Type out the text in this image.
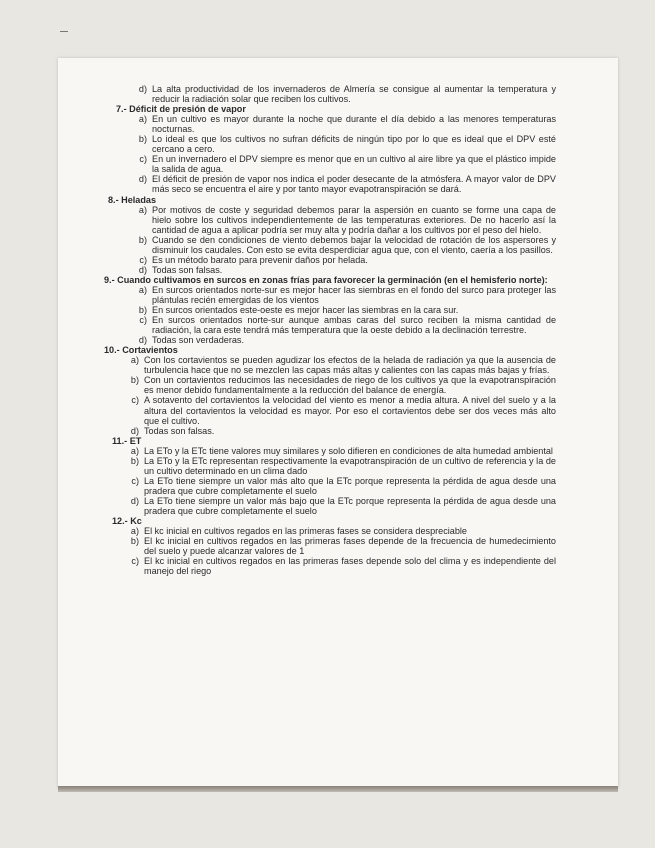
d) La alta productividad de los invernaderos de Almería se consigue al aumentar la temperatura y reducir la radiación solar que reciben los cultivos.
7.- Déficit de presión de vapor
a) En un cultivo es mayor durante la noche que durante el día debido a las menores temperaturas nocturnas.
b) Lo ideal es que los cultivos no sufran déficits de ningún tipo por lo que es ideal que el DPV esté cercano a cero.
c) En un invernadero el DPV siempre es menor que en un cultivo al aire libre ya que el plástico impide la salida de agua.
d) El déficit de presión de vapor nos indica el poder desecante de la atmósfera. A mayor valor de DPV más seco se encuentra el aire y por tanto mayor evapotranspiración se dará.
8.- Heladas
a) Por motivos de coste y seguridad debemos parar la aspersión en cuanto se forme una capa de hielo sobre los cultivos independientemente de las temperaturas exteriores. De no hacerlo así la cantidad de agua a aplicar podría ser muy alta y podría dañar a los cultivos por el peso del hielo.
b) Cuando se den condiciones de viento debemos bajar la velocidad de rotación de los aspersores y disminuir los caudales. Con esto se evita desperdiciar agua que, con el viento, caería a los pasillos.
c) Es un método barato para prevenir daños por helada.
d) Todas son falsas.
9.- Cuando cultivamos en surcos en zonas frías para favorecer la germinación (en el hemisferio norte):
a) En surcos orientados norte-sur es mejor hacer las siembras en el fondo del surco para proteger las plántulas recién emergidas de los vientos
b) En surcos orientados este-oeste es mejor hacer las siembras en la cara sur.
c) En surcos orientados norte-sur aunque ambas caras del surco reciben la misma cantidad de radiación, la cara este tendrá más temperatura que la oeste debido a la declinación terrestre.
d) Todas son verdaderas.
10.- Cortavientos
a) Con los cortavientos se pueden agudizar los efectos de la helada de radiación ya que la ausencia de turbulencia hace que no se mezclen las capas más altas y calientes con las capas más bajas y frías.
b) Con un cortavientos reducimos las necesidades de riego de los cultivos ya que la evapotranspiración es menor debido fundamentalmente a la reducción del balance de energía.
c) A sotavento del cortavientos la velocidad del viento es menor a media altura. A nivel del suelo y a la altura del cortavientos la velocidad es mayor. Por eso el cortavientos debe ser dos veces más alto que el cultivo.
d) Todas son falsas.
11.- ET
a) La ETo y la ETc tiene valores muy similares y solo difieren en condiciones de alta humedad ambiental
b) La ETo y la ETc representan respectivamente la evapotranspiración de un cultivo de referencia y la de un cultivo determinado en un clima dado
c) La ETo tiene siempre un valor más alto que la ETc porque representa la pérdida de agua desde una pradera que cubre completamente el suelo
d) La ETo tiene siempre un valor más bajo que la ETc porque representa la pérdida de agua desde una pradera que cubre completamente el suelo
12.- Kc
a) El kc inicial en cultivos regados en las primeras fases se considera despreciable
b) El kc inicial en cultivos regados en las primeras fases depende de la frecuencia de humedecimiento del suelo y puede alcanzar valores de 1
c) El kc inicial en cultivos regados en las primeras fases depende solo del clima y es independiente del manejo del riego
